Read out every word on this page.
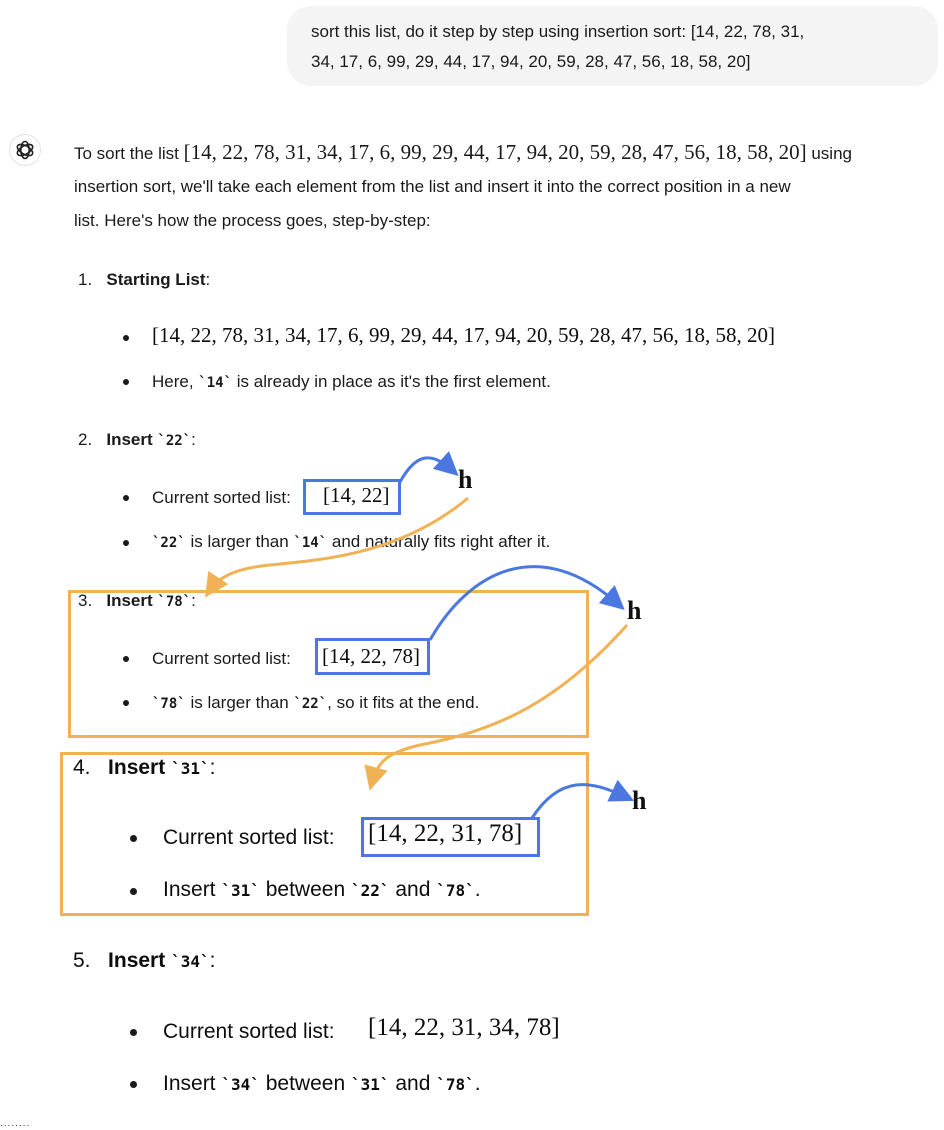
sort this list, do it step by step using insertion sort: [14, 22, 78, 31,
34, 17, 6, 99, 29, 44, 17, 94, 20, 59, 28, 47, 56, 18, 58, 20]
To sort the list [14, 22, 78, 31, 34, 17, 6, 99, 29, 44, 17, 94, 20, 59, 28, 47, 56, 18, 58, 20] using
insertion sort, we'll take each element from the list and insert it into the correct position in a new
list. Here's how the process goes, step-by-step:
1. Starting List:
[14, 22, 78, 31, 34, 17, 6, 99, 29, 44, 17, 94, 20, 59, 28, 47, 56, 18, 58, 20]
Here, `14` is already in place as it's the first element.
2. Insert `22`:
Current sorted list: [14, 22]
`22` is larger than `14` and naturally fits right after it.
3. Insert `78`:
Current sorted list: [14, 22, 78]
`78` is larger than `22`, so it fits at the end.
4. Insert `31`:
Current sorted list: [14, 22, 31, 78]
Insert `31` between `22` and `78`.
5. Insert `34`:
Current sorted list: [14, 22, 31, 34, 78]
Insert `34` between `31` and `78`.
h
h
h
........
